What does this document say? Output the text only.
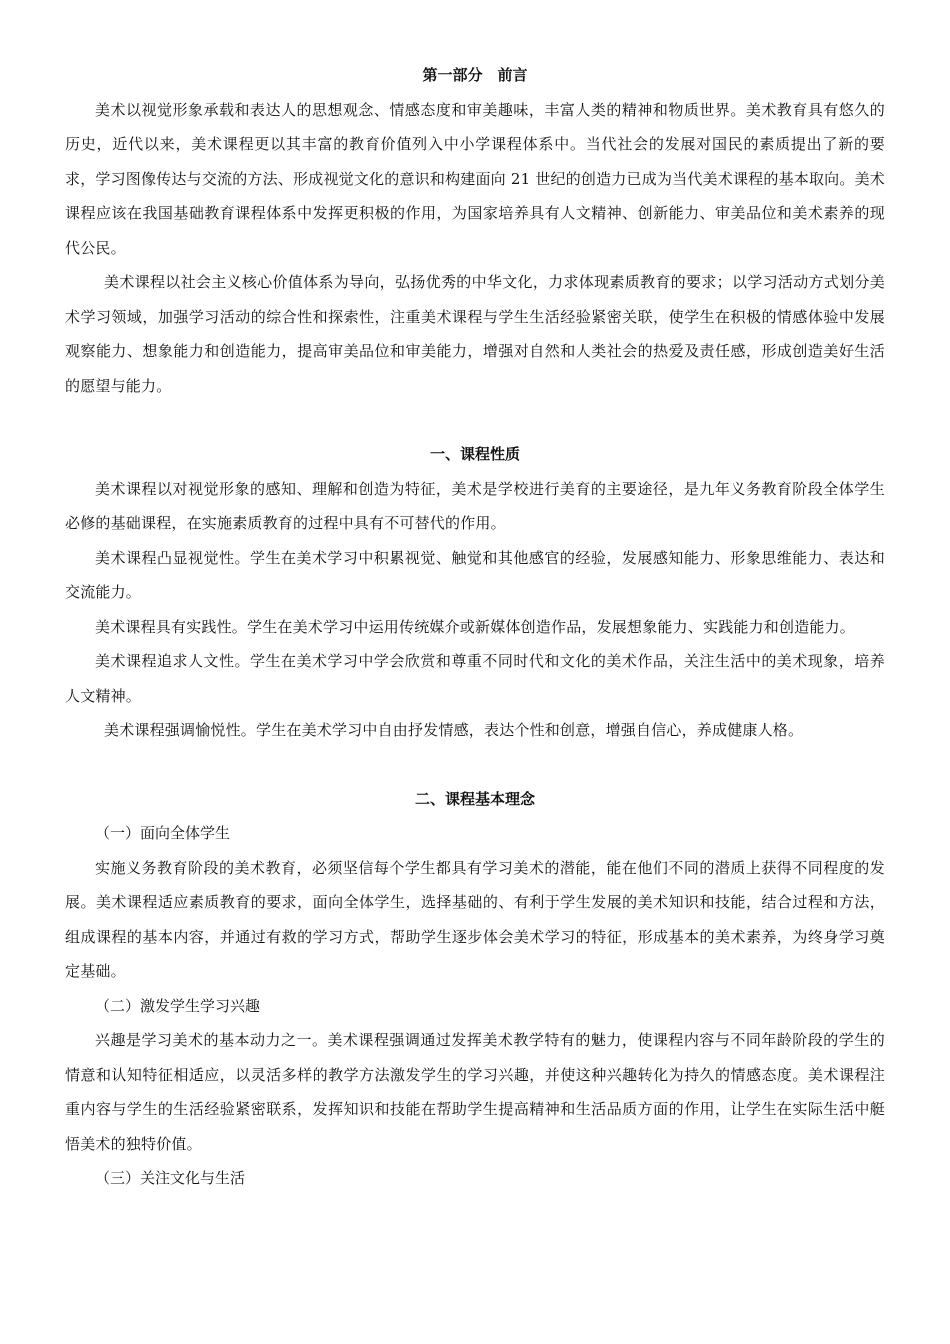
第一部分　前言

美术以视觉形象承载和表达人的思想观念、情感态度和审美趣味，丰富人类的精神和物质世界。美术教育具有悠久的历史，近代以来，美术课程更以其丰富的教育价值列入中小学课程体系中。当代社会的发展对国民的素质提出了新的要求，学习图像传达与交流的方法、形成视觉文化的意识和构建面向 21 世纪的创造力已成为当代美术课程的基本取向。美术课程应该在我国基础教育课程体系中发挥更积极的作用，为国家培养具有人文精神、创新能力、审美品位和美术素养的现代公民。

美术课程以社会主义核心价值体系为导向，弘扬优秀的中华文化，力求体现素质教育的要求；以学习活动方式划分美术学习领域，加强学习活动的综合性和探索性，注重美术课程与学生生活经验紧密关联，使学生在积极的情感体验中发展观察能力、想象能力和创造能力，提高审美品位和审美能力，增强对自然和人类社会的热爱及责任感，形成创造美好生活的愿望与能力。

一、课程性质

美术课程以对视觉形象的感知、理解和创造为特征，美术是学校进行美育的主要途径，是九年义务教育阶段全体学生必修的基础课程，在实施素质教育的过程中具有不可替代的作用。

美术课程凸显视觉性。学生在美术学习中积累视觉、触觉和其他感官的经验，发展感知能力、形象思维能力、表达和交流能力。

美术课程具有实践性。学生在美术学习中运用传统媒介或新媒体创造作品，发展想象能力、实践能力和创造能力。

美术课程追求人文性。学生在美术学习中学会欣赏和尊重不同时代和文化的美术作品，关注生活中的美术现象，培养人文精神。

美术课程强调愉悦性。学生在美术学习中自由抒发情感，表达个性和创意，增强自信心，养成健康人格。

二、课程基本理念

（一）面向全体学生

实施义务教育阶段的美术教育，必须坚信每个学生都具有学习美术的潜能，能在他们不同的潜质上获得不同程度的发展。美术课程适应素质教育的要求，面向全体学生，选择基础的、有利于学生发展的美术知识和技能，结合过程和方法，组成课程的基本内容，并通过有救的学习方式，帮助学生逐步体会美术学习的特征，形成基本的美术素养，为终身学习奠定基础。

（二）激发学生学习兴趣

兴趣是学习美术的基本动力之一。美术课程强调通过发挥美术教学特有的魅力，使课程内容与不同年龄阶段的学生的情意和认知特征相适应，以灵活多样的教学方法激发学生的学习兴趣，并使这种兴趣转化为持久的情感态度。美术课程注重内容与学生的生活经验紧密联系，发挥知识和技能在帮助学生提高精神和生活品质方面的作用，让学生在实际生活中艇悟美术的独特价值。

（三）关注文化与生活
